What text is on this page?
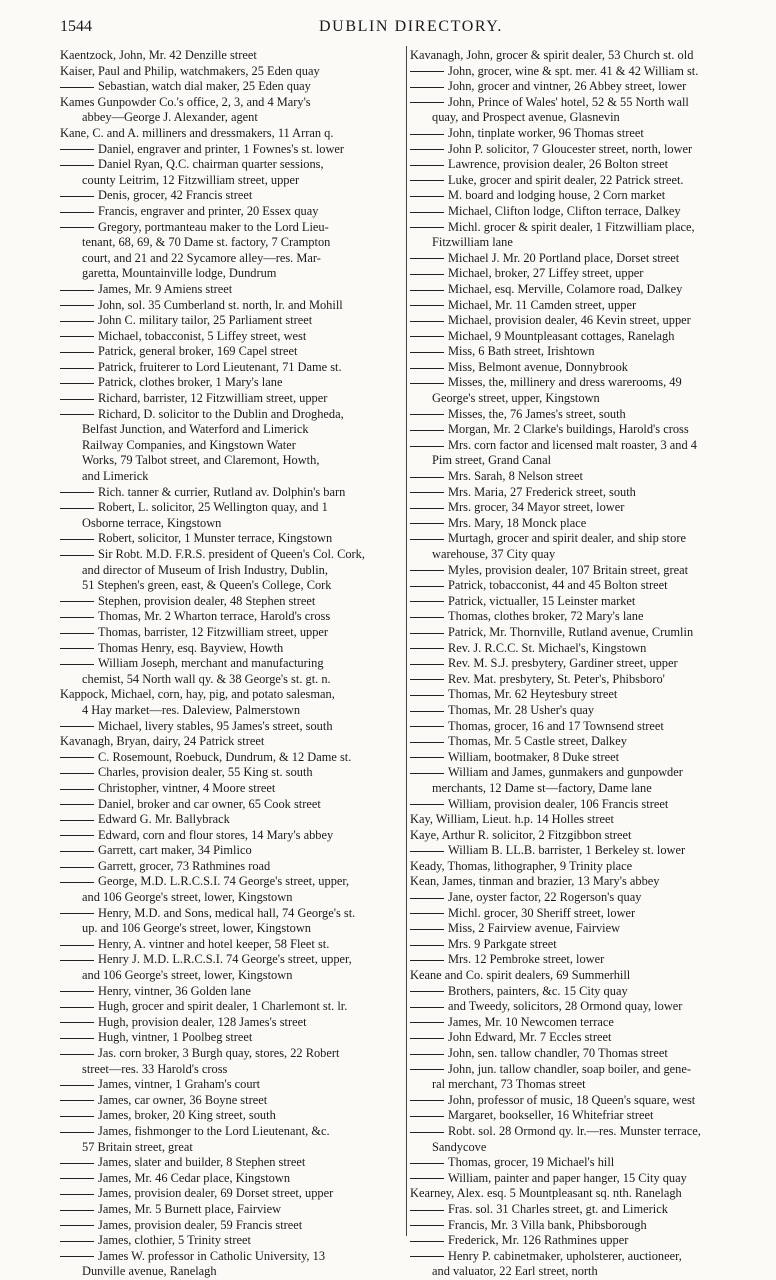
1544	DUBLIN DIRECTORY.
Kaentzock, John, Mr. 42 Denzille street
Kaiser, Paul and Philip, watchmakers, 25 Eden quay
Sebastian, watch dial maker, 25 Eden quay
Kames Gunpowder Co.'s office, 2, 3, and 4 Mary's
abbey—George J. Alexander, agent
Kane, C. and A. milliners and dressmakers, 11 Arran q.
Daniel, engraver and printer, 1 Fownes's st. lower
Daniel Ryan, Q.C. chairman quarter sessions,
county Leitrim, 12 Fitzwilliam street, upper
Denis, grocer, 42 Francis street
Francis, engraver and printer, 20 Essex quay
Gregory, portmanteau maker to the Lord Lieu-
tenant, 68, 69, & 70 Dame st. factory, 7 Crampton
court, and 21 and 22 Sycamore alley—res. Mar-
garetta, Mountainville lodge, Dundrum
James, Mr. 9 Amiens street
John, sol. 35 Cumberland st. north, lr. and Mohill
John C. military tailor, 25 Parliament street
Michael, tobacconist, 5 Liffey street, west
Patrick, general broker, 169 Capel street
Patrick, fruiterer to Lord Lieutenant, 71 Dame st.
Patrick, clothes broker, 1 Mary's lane
Richard, barrister, 12 Fitzwilliam street, upper
Richard, D. solicitor to the Dublin and Drogheda,
Belfast Junction, and Waterford and Limerick
Railway Companies, and Kingstown Water
Works, 79 Talbot street, and Claremont, Howth,
and Limerick
Rich. tanner & currier, Rutland av. Dolphin's barn
Robert, L. solicitor, 25 Wellington quay, and 1
Osborne terrace, Kingstown
Robert, solicitor, 1 Munster terrace, Kingstown
Sir Robt. M.D. F.R.S. president of Queen's Col. Cork,
and director of Museum of Irish Industry, Dublin,
51 Stephen's green, east, & Queen's College, Cork
Stephen, provision dealer, 48 Stephen street
Thomas, Mr. 2 Wharton terrace, Harold's cross
Thomas, barrister, 12 Fitzwilliam street, upper
Thomas Henry, esq. Bayview, Howth
William Joseph, merchant and manufacturing
chemist, 54 North wall qy. & 38 George's st. gt. n.
Kappock, Michael, corn, hay, pig, and potato salesman,
4 Hay market—res. Daleview, Palmerstown
Michael, livery stables, 95 James's street, south
Kavanagh, Bryan, dairy, 24 Patrick street
C. Rosemount, Roebuck, Dundrum, & 12 Dame st.
Charles, provision dealer, 55 King st. south
Christopher, vintner, 4 Moore street
Daniel, broker and car owner, 65 Cook street
Edward G. Mr. Ballybrack
Edward, corn and flour stores, 14 Mary's abbey
Garrett, cart maker, 34 Pimlico
Garrett, grocer, 73 Rathmines road
George, M.D. L.R.C.S.I. 74 George's street, upper,
and 106 George's street, lower, Kingstown
Henry, M.D. and Sons, medical hall, 74 George's st.
up. and 106 George's street, lower, Kingstown
Henry, A. vintner and hotel keeper, 58 Fleet st.
Henry J. M.D. L.R.C.S.I. 74 George's street, upper,
and 106 George's street, lower, Kingstown
Henry, vintner, 36 Golden lane
Hugh, grocer and spirit dealer, 1 Charlemont st. lr.
Hugh, provision dealer, 128 James's street
Hugh, vintner, 1 Poolbeg street
Jas. corn broker, 3 Burgh quay, stores, 22 Robert
street—res. 33 Harold's cross
James, vintner, 1 Graham's court
James, car owner, 36 Boyne street
James, broker, 20 King street, south
James, fishmonger to the Lord Lieutenant, &c.
57 Britain street, great
James, slater and builder, 8 Stephen street
James, Mr. 46 Cedar place, Kingstown
James, provision dealer, 69 Dorset street, upper
James, Mr. 5 Burnett place, Fairview
James, provision dealer, 59 Francis street
James, clothier, 5 Trinity street
James W. professor in Catholic University, 13
Dunville avenue, Ranelagh
Kavanagh, John, grocer & spirit dealer, 53 Church st. old
John, grocer, wine & spt. mer. 41 & 42 William st.
John, grocer and vintner, 26 Abbey street, lower
John, Prince of Wales' hotel, 52 & 55 North wall
quay, and Prospect avenue, Glasnevin
John, tinplate worker, 96 Thomas street
John P. solicitor, 7 Gloucester street, north, lower
Lawrence, provision dealer, 26 Bolton street
Luke, grocer and spirit dealer, 22 Patrick street.
M. board and lodging house, 2 Corn market
Michael, Clifton lodge, Clifton terrace, Dalkey
Michl. grocer & spirit dealer, 1 Fitzwilliam place,
Fitzwilliam lane
Michael J. Mr. 20 Portland place, Dorset street
Michael, broker, 27 Liffey street, upper
Michael, esq. Merville, Colamore road, Dalkey
Michael, Mr. 11 Camden street, upper
Michael, provision dealer, 46 Kevin street, upper
Michael, 9 Mountpleasant cottages, Ranelagh
Miss, 6 Bath street, Irishtown
Miss, Belmont avenue, Donnybrook
Misses, the, millinery and dress warerooms, 49
George's street, upper, Kingstown
Misses, the, 76 James's street, south
Morgan, Mr. 2 Clarke's buildings, Harold's cross
Mrs. corn factor and licensed malt roaster, 3 and 4
Pim street, Grand Canal
Mrs. Sarah, 8 Nelson street
Mrs. Maria, 27 Frederick street, south
Mrs. grocer, 34 Mayor street, lower
Mrs. Mary, 18 Monck place
Murtagh, grocer and spirit dealer, and ship store
warehouse, 37 City quay
Myles, provision dealer, 107 Britain street, great
Patrick, tobacconist, 44 and 45 Bolton street
Patrick, victualler, 15 Leinster market
Thomas, clothes broker, 72 Mary's lane
Patrick, Mr. Thornville, Rutland avenue, Crumlin
Rev. J. R.C.C. St. Michael's, Kingstown
Rev. M. S.J. presbytery, Gardiner street, upper
Rev. Mat. presbytery, St. Peter's, Phibsboro'
Thomas, Mr. 62 Heytesbury street
Thomas, Mr. 28 Usher's quay
Thomas, grocer, 16 and 17 Townsend street
Thomas, Mr. 5 Castle street, Dalkey
William, bootmaker, 8 Duke street
William and James, gunmakers and gunpowder
merchants, 12 Dame st—factory, Dame lane
William, provision dealer, 106 Francis street
Kay, William, Lieut. h.p. 14 Holles street
Kaye, Arthur R. solicitor, 2 Fitzgibbon street
William B. LL.B. barrister, 1 Berkeley st. lower
Keady, Thomas, lithographer, 9 Trinity place
Kean, James, tinman and brazier, 13 Mary's abbey
Jane, oyster factor, 22 Rogerson's quay
Michl. grocer, 30 Sheriff street, lower
Miss, 2 Fairview avenue, Fairview
Mrs. 9 Parkgate street
Mrs. 12 Pembroke street, lower
Keane and Co. spirit dealers, 69 Summerhill
Brothers, painters, &c. 15 City quay
and Tweedy, solicitors, 28 Ormond quay, lower
James, Mr. 10 Newcomen terrace
John Edward, Mr. 7 Eccles street
John, sen. tallow chandler, 70 Thomas street
John, jun. tallow chandler, soap boiler, and gene-
ral merchant, 73 Thomas street
John, professor of music, 18 Queen's square, west
Margaret, bookseller, 16 Whitefriar street
Robt. sol. 28 Ormond qy. lr.—res. Munster terrace,
Sandycove
Thomas, grocer, 19 Michael's hill
William, painter and paper hanger, 15 City quay
Kearney, Alex. esq. 5 Mountpleasant sq. nth. Ranelagh
Fras. sol. 31 Charles street, gt. and Limerick
Francis, Mr. 3 Villa bank, Phibsborough
Frederick, Mr. 126 Rathmines upper
Henry P. cabinetmaker, upholsterer, auctioneer,
and valuator, 22 Earl street, north
